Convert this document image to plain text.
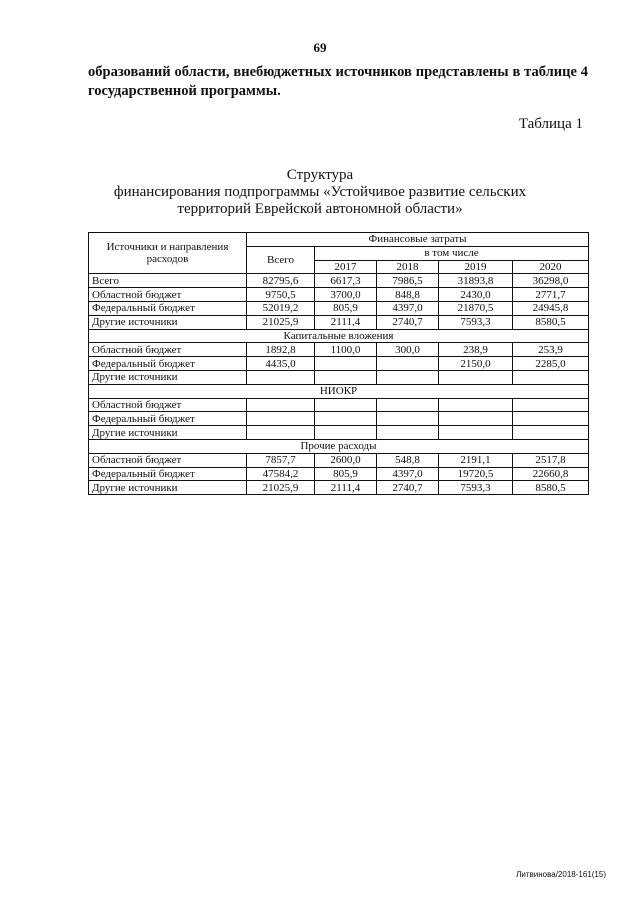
69
образований области, внебюджетных источников представлены в таблице 4 государственной программы.
Таблица 1
Структура
финансирования подпрограммы «Устойчивое развитие сельских
территорий Еврейской автономной области»
Источники и направления расходов	Финансовые затраты				
	Всего	в том числе			
		2017	2018	2019	2020
Всего	82795,6	6617,3	7986,5	31893,8	36298,0
Областной бюджет	9750,5	3700,0	848,8	2430,0	2771,7
Федеральный бюджет	52019,2	805,9	4397,0	21870,5	24945,8
Другие источники	21025,9	2111,4	2740,7	7593,3	8580,5
Капитальные вложения					
Областной бюджет	1892,8	1100,0	300,0	238,9	253,9
Федеральный бюджет	4435,0			2150,0	2285,0
Другие источники					
НИОКР					
Областной бюджет					
Федеральный бюджет					
Другие источники					
Прочие расходы					
Областной бюджет	7857,7	2600,0	548,8	2191,1	2517,8
Федеральный бюджет	47584,2	805,9	4397,0	19720,5	22660,8
Другие источники	21025,9	2111,4	2740,7	7593,3	8580,5
Литвинова/2018-161(15)
